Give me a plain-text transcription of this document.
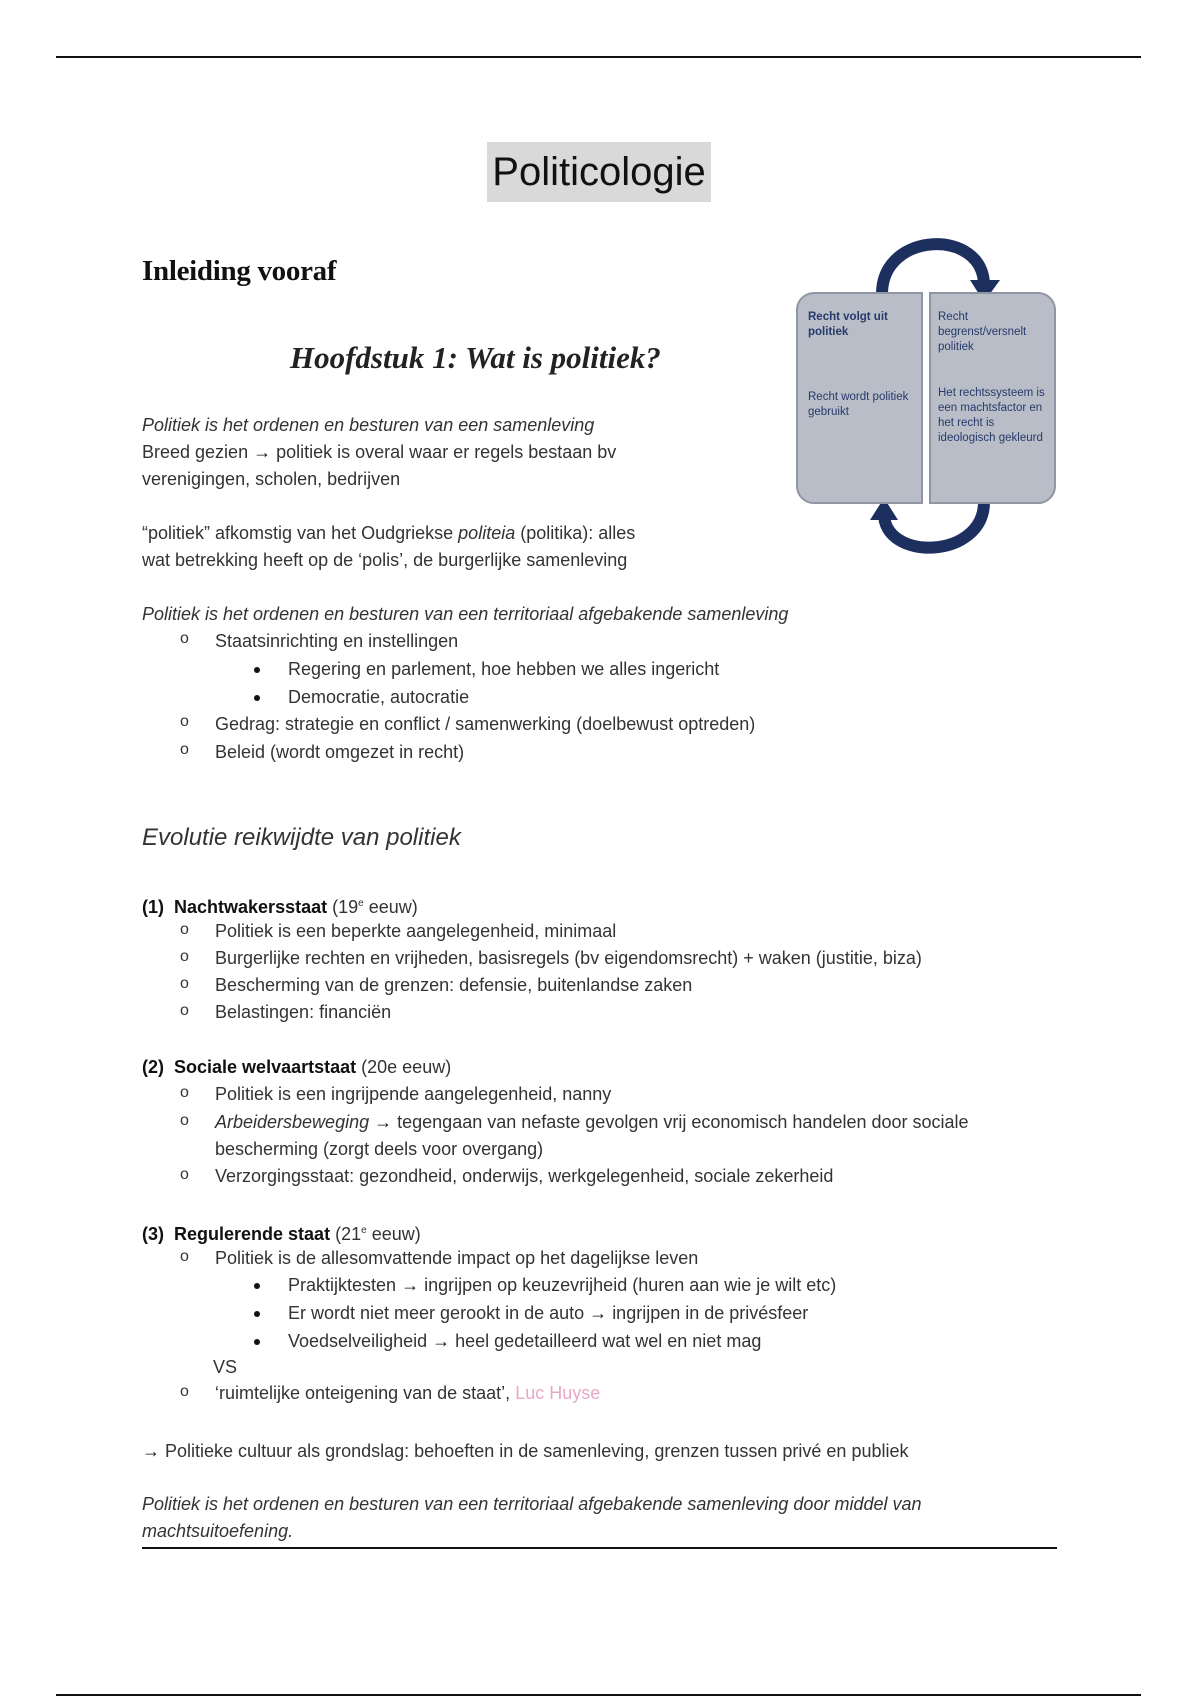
Politicologie
Inleiding vooraf
Hoofdstuk 1: Wat is politiek?
Recht volgt uit politiek
Recht wordt politiek gebruikt
Recht begrenst/versnelt politiek
Het rechtssysteem is een machtsfactor en het recht is ideologisch gekleurd
Politiek is het ordenen en besturen van een samenleving
Breed gezien → politiek is overal waar er regels bestaan bv
verenigingen, scholen, bedrijven
“politiek” afkomstig van het Oudgriekse politeia (politika): alles
wat betrekking heeft op de ‘polis’, de burgerlijke samenleving
Politiek is het ordenen en besturen van een territoriaal afgebakende samenleving
o Staatsinrichting en instellingen
Regering en parlement, hoe hebben we alles ingericht
Democratie, autocratie
o Gedrag: strategie en conflict / samenwerking (doelbewust optreden)
o Beleid (wordt omgezet in recht)
Evolutie reikwijdte van politiek
(1) Nachtwakersstaat (19e eeuw)
o Politiek is een beperkte aangelegenheid, minimaal
o Burgerlijke rechten en vrijheden, basisregels (bv eigendomsrecht) + waken (justitie, biza)
o Bescherming van de grenzen: defensie, buitenlandse zaken
o Belastingen: financiën
(2) Sociale welvaartstaat (20e eeuw)
o Politiek is een ingrijpende aangelegenheid, nanny
o Arbeidersbeweging → tegengaan van nefaste gevolgen vrij economisch handelen door sociale
bescherming (zorgt deels voor overgang)
o Verzorgingsstaat: gezondheid, onderwijs, werkgelegenheid, sociale zekerheid
(3) Regulerende staat (21e eeuw)
o Politiek is de allesomvattende impact op het dagelijkse leven
Praktijktesten → ingrijpen op keuzevrijheid (huren aan wie je wilt etc)
Er wordt niet meer gerookt in de auto → ingrijpen in de privésfeer
Voedselveiligheid → heel gedetailleerd wat wel en niet mag
VS
o ‘ruimtelijke onteigening van de staat’, Luc Huyse
→ Politieke cultuur als grondslag: behoeften in de samenleving, grenzen tussen privé en publiek
Politiek is het ordenen en besturen van een territoriaal afgebakende samenleving door middel van
machtsuitoefening.
